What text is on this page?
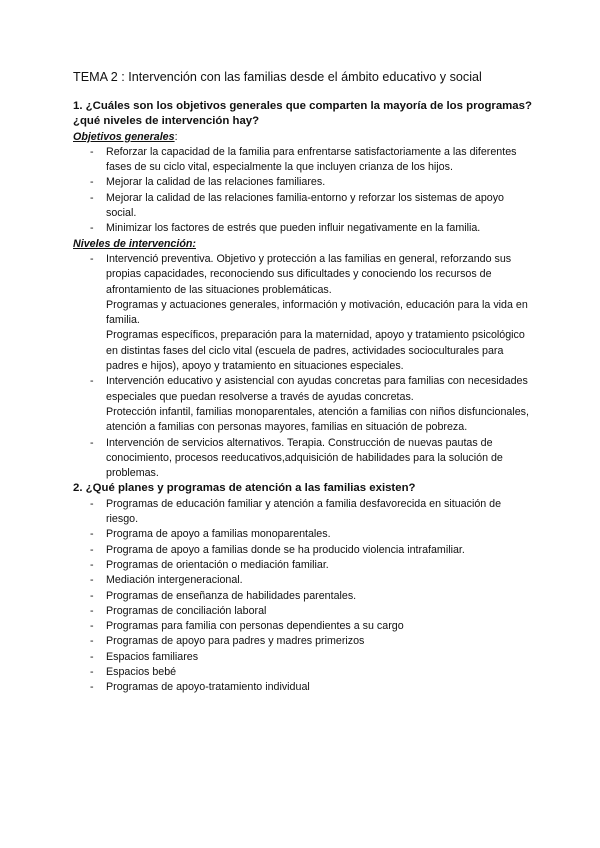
TEMA 2 : Intervención con las familias desde el ámbito educativo y social
1. ¿Cuáles son los objetivos generales que comparten la mayoría de los programas?
¿qué niveles de intervención hay?
Objetivos generales:
- Reforzar la capacidad de la familia para enfrentarse satisfactoriamente a las diferentes fases de su ciclo vital, especialmente la que incluyen crianza de los hijos.
- Mejorar la calidad de las relaciones familiares.
- Mejorar la calidad de las relaciones familia-entorno y reforzar los sistemas de apoyo social.
- Minimizar los factores de estrés que pueden influir negativamente en la familia.
Niveles de intervención:
- Intervenció preventiva. Objetivo y protección a las familias en general, reforzando sus propias capacidades, reconociendo sus dificultades y conociendo los recursos de afrontamiento de las situaciones problemáticas.
Programas y actuaciones generales, información y motivación, educación para la vida en familia.
Programas específicos, preparación para la maternidad, apoyo y tratamiento psicológico en distintas fases del ciclo vital (escuela de padres, actividades socioculturales para padres e hijos), apoyo y tratamiento en situaciones especiales.
- Intervención educativo y asistencial con ayudas concretas para familias con necesidades especiales que puedan resolverse a través de ayudas concretas.
Protección infantil, familias monoparentales, atención a familias con niños disfuncionales, atención a familias con personas mayores, familias en situación de pobreza.
- Intervención de servicios alternativos. Terapia. Construcción de nuevas pautas de conocimiento, procesos reeducativos,adquisición de habilidades para la solución de problemas.
2. ¿Qué planes y programas de atención a las familias existen?
- Programas de educación familiar y atención a familia desfavorecida en situación de riesgo.
- Programa de apoyo a familias monoparentales.
- Programa de apoyo a familias donde se ha producido violencia intrafamiliar.
- Programas de orientación o mediación familiar.
- Mediación intergeneracional.
- Programas de enseñanza de habilidades parentales.
- Programas de conciliación laboral
- Programas para familia con personas dependientes a su cargo
- Programas de apoyo para padres y madres primerizos
- Espacios familiares
- Espacios bebé
- Programas de apoyo-tratamiento individual
